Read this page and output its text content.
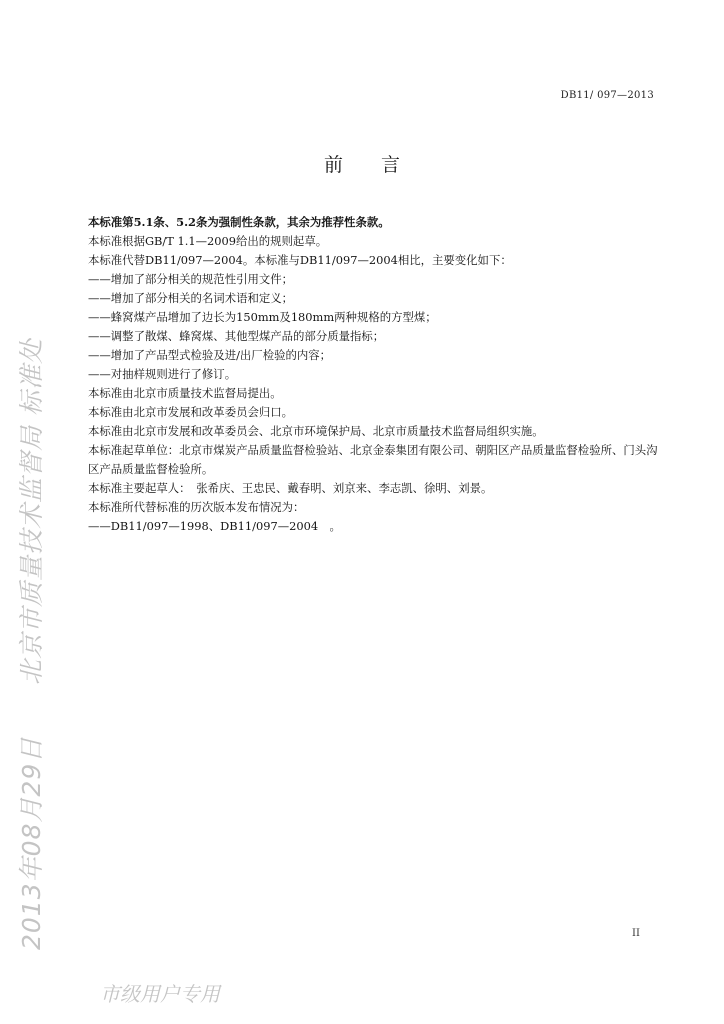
DB11/ 097—2013
前言

本标准第5.1条、5.2条为强制性条款，其余为推荐性条款。

本标准根据GB/T 1.1—2009给出的规则起草。

本标准代替DB11/097—2004。本标准与DB11/097—2004相比，主要变化如下：

——增加了部分相关的规范性引用文件；

——增加了部分相关的名词术语和定义；

——蜂窝煤产品增加了边长为150mm及180mm两种规格的方型煤；

——调整了散煤、蜂窝煤、其他型煤产品的部分质量指标；

——增加了产品型式检验及进/出厂检验的内容；

——对抽样规则进行了修订。

本标准由北京市质量技术监督局提出。

本标准由北京市发展和改革委员会归口。

本标准由北京市发展和改革委员会、北京市环境保护局、北京市质量技术监督局组织实施。

本标准起草单位：北京市煤炭产品质量监督检验站、北京金泰集团有限公司、朝阳区产品质量监督检验所、门头沟区产品质量监督检验所。

本标准主要起草人：　张希庆、王忠民、戴春明、刘京来、李志凯、徐明、刘景。

本标准所代替标准的历次版本发布情况为：

——DB11/097—1998、DB11/097—2004　。

北京市质量技术监督局 标准处
2013年08月29日
市级用户专用
II
